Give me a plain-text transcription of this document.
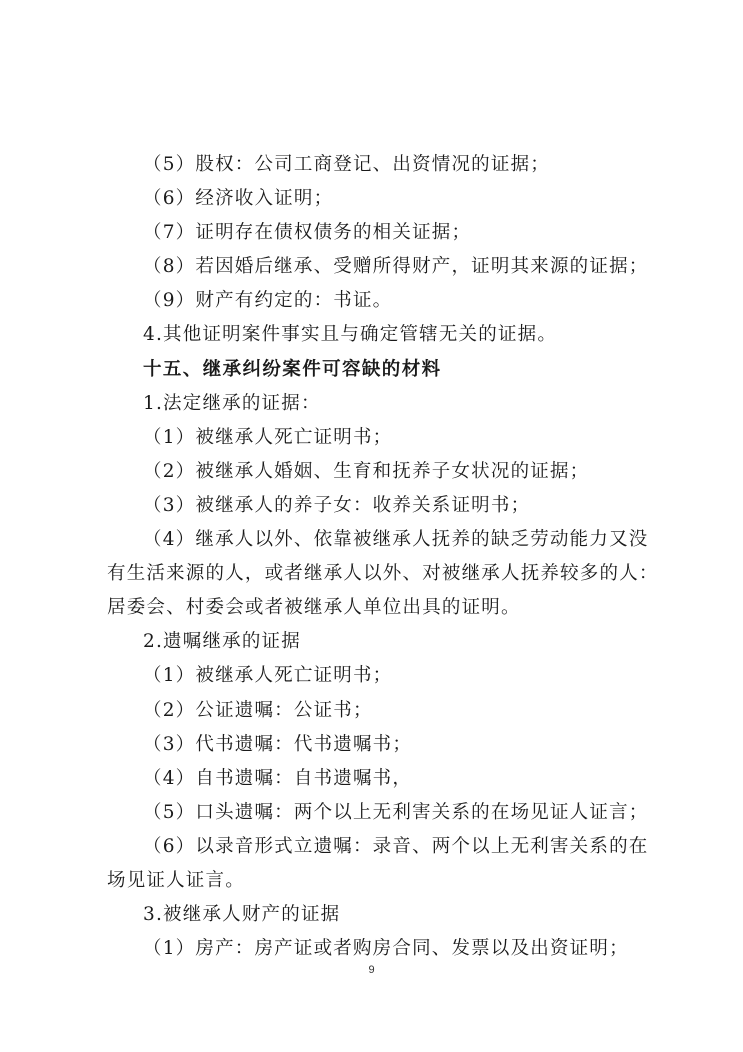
（5）股权：公司工商登记、出资情况的证据；
（6）经济收入证明；
（7）证明存在债权债务的相关证据；
（8）若因婚后继承、受赠所得财产，证明其来源的证据；
（9）财产有约定的：书证。
4.其他证明案件事实且与确定管辖无关的证据。
十五、继承纠纷案件可容缺的材料
1.法定继承的证据：
（1）被继承人死亡证明书；
（2）被继承人婚姻、生育和抚养子女状况的证据；
（3）被继承人的养子女：收养关系证明书；
（4）继承人以外、依靠被继承人抚养的缺乏劳动能力又没
有生活来源的人，或者继承人以外、对被继承人抚养较多的人：
居委会、村委会或者被继承人单位出具的证明。
2.遗嘱继承的证据
（1）被继承人死亡证明书；
（2）公证遗嘱：公证书；
（3）代书遗嘱：代书遗嘱书；
（4）自书遗嘱：自书遗嘱书，
（5）口头遗嘱：两个以上无利害关系的在场见证人证言；
（6）以录音形式立遗嘱：录音、两个以上无利害关系的在
场见证人证言。
3.被继承人财产的证据
（1）房产：房产证或者购房合同、发票以及出资证明；
9
